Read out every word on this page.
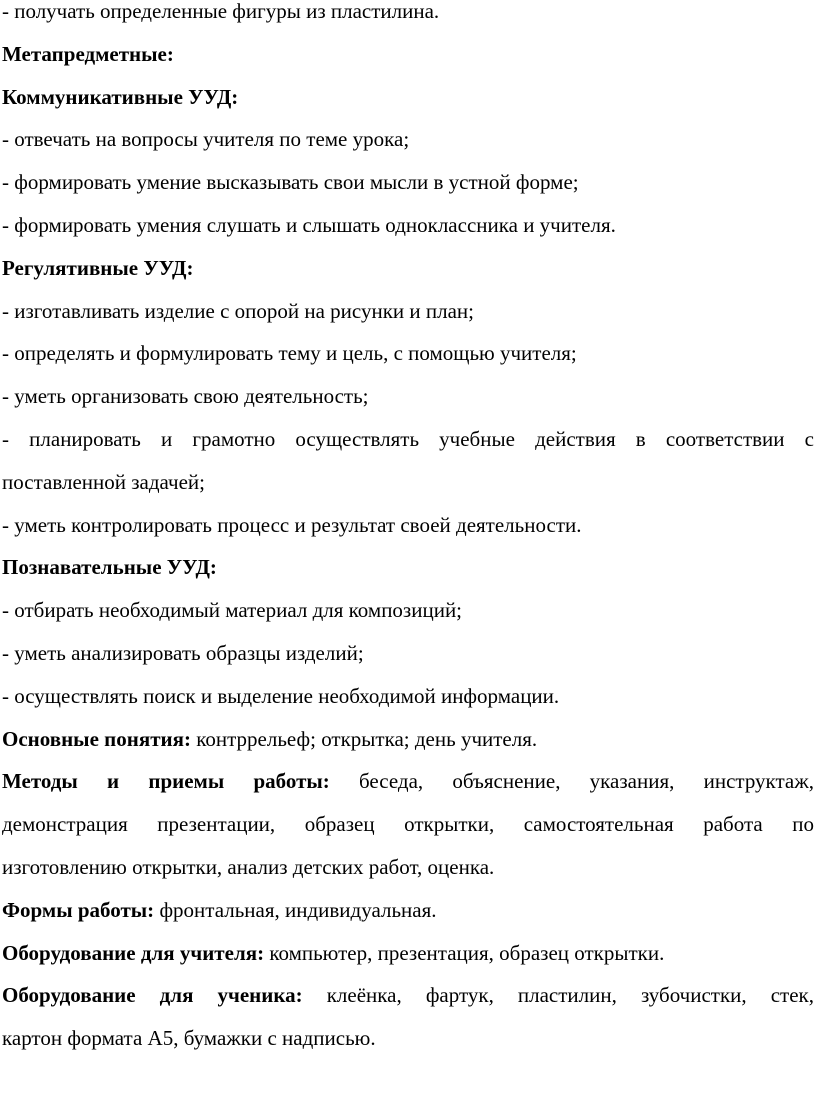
- получать определенные фигуры из пластилина.
Метапредметные:
Коммуникативные УУД:
- отвечать на вопросы учителя по теме урока;
- формировать умение высказывать свои мысли в устной форме;
- формировать умения слушать и слышать одноклассника и учителя.
Регулятивные УУД:
- изготавливать изделие с опорой на рисунки и план;
- определять и формулировать тему и цель, с помощью учителя;
- уметь организовать свою деятельность;
- планировать и грамотно осуществлять учебные действия в соответствии с
поставленной задачей;
- уметь контролировать процесс и результат своей деятельности.
Познавательные УУД:
- отбирать необходимый материал для композиций;
- уметь анализировать образцы изделий;
- осуществлять поиск и выделение необходимой информации.
Основные понятия: контррельеф; открытка; день учителя.
Методы и приемы работы: беседа, объяснение, указания, инструктаж,
демонстрация презентации, образец открытки, самостоятельная работа по
изготовлению открытки, анализ детских работ, оценка.
Формы работы: фронтальная, индивидуальная.
Оборудование для учителя: компьютер, презентация, образец открытки.
Оборудование для ученика: клеёнка, фартук, пластилин, зубочистки, стек,
картон формата А5, бумажки с надписью.
